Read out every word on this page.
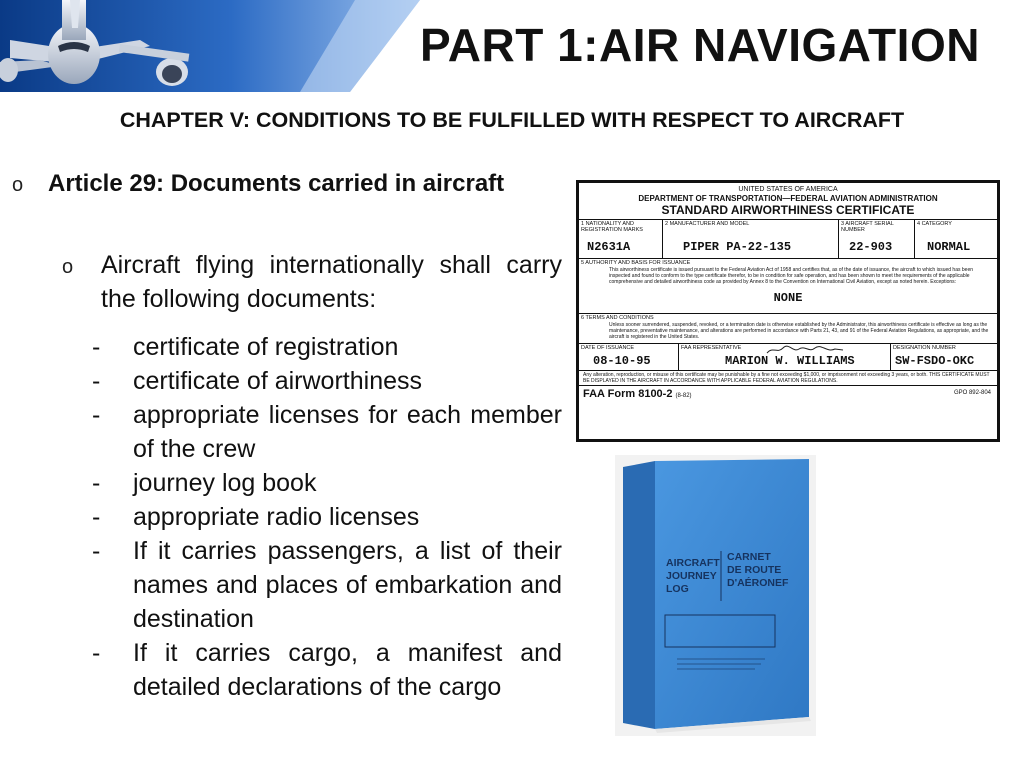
PART 1:AIR NAVIGATION
CHAPTER V: CONDITIONS TO BE FULFILLED WITH RESPECT TO AIRCRAFT
o Article 29: Documents carried in aircraft
o Aircraft flying internationally shall carry the following documents:
- certificate of registration
- certificate of airworthiness
- appropriate licenses for each member of the crew
- journey log book
- appropriate radio licenses
- If it carries passengers, a list of their names and places of embarkation and destination
- If it carries cargo, a manifest and detailed declarations of the cargo
UNITED STATES OF AMERICA
DEPARTMENT OF TRANSPORTATION—FEDERAL AVIATION ADMINISTRATION
STANDARD AIRWORTHINESS CERTIFICATE
1 NATIONALITY AND REGISTRATION MARKS
N2631A
2 MANUFACTURER AND MODEL
PIPER PA-22-135
3 AIRCRAFT SERIAL NUMBER
22-903
4 CATEGORY
NORMAL
5 AUTHORITY AND BASIS FOR ISSUANCE
This airworthiness certificate is issued pursuant to the Federal Aviation Act of 1958 and certifies that, as of the date of issuance, the aircraft to which issued has been inspected and found to conform to the type certificate therefor, to be in condition for safe operation, and has been shown to meet the requirements of the applicable comprehensive and detailed airworthiness code as provided by Annex 8 to the Convention on International Civil Aviation, except as noted herein. Exceptions:
NONE
6 TERMS AND CONDITIONS
Unless sooner surrendered, suspended, revoked, or a termination date is otherwise established by the Administrator, this airworthiness certificate is effective as long as the maintenance, preventative maintenance, and alterations are performed in accordance with Parts 21, 43, and 91 of the Federal Aviation Regulations, as appropriate, and the aircraft is registered in the United States.
DATE OF ISSUANCE
08-10-95
FAA REPRESENTATIVE
MARION W. WILLIAMS
DESIGNATION NUMBER
SW-FSDO-OKC
Any alteration, reproduction, or misuse of this certificate may be punishable by a fine not exceeding $1,000, or imprisonment not exceeding 3 years, or both. THIS CERTIFICATE MUST BE DISPLAYED IN THE AIRCRAFT IN ACCORDANCE WITH APPLICABLE FEDERAL AVIATION REGULATIONS.
FAA Form 8100-2 (8-82)	GPO 892-804
AIRCRAFT
JOURNEY
LOG
CARNET
DE ROUTE
D'AÉRONEF
